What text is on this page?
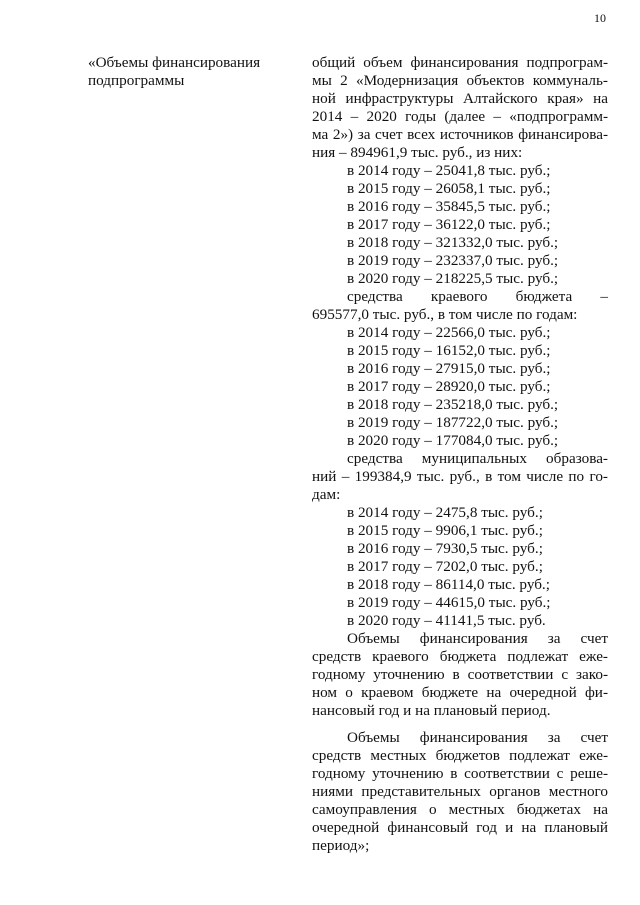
10
«Объемы финансирования
подпрограммы
общий объем финансирования подпрограм-
мы 2 «Модернизация объектов коммуналь-
ной инфраструктуры Алтайского края» на
2014 – 2020 годы (далее – «подпрограмм-
ма 2») за счет всех источников финансирова-
ния – 894961,9 тыс. руб., из них:
в 2014 году – 25041,8 тыс. руб.;
в 2015 году – 26058,1 тыс. руб.;
в 2016 году – 35845,5 тыс. руб.;
в 2017 году – 36122,0 тыс. руб.;
в 2018 году – 321332,0 тыс. руб.;
в 2019 году – 232337,0 тыс. руб.;
в 2020 году – 218225,5 тыс. руб.;
средства краевого бюджета –
695577,0 тыс. руб., в том числе по годам:
в 2014 году – 22566,0 тыс. руб.;
в 2015 году – 16152,0 тыс. руб.;
в 2016 году – 27915,0 тыс. руб.;
в 2017 году – 28920,0 тыс. руб.;
в 2018 году – 235218,0 тыс. руб.;
в 2019 году – 187722,0 тыс. руб.;
в 2020 году – 177084,0 тыс. руб.;
средства муниципальных образова-
ний – 199384,9 тыс. руб., в том числе по го-
дам:
в 2014 году – 2475,8 тыс. руб.;
в 2015 году – 9906,1 тыс. руб.;
в 2016 году – 7930,5 тыс. руб.;
в 2017 году – 7202,0 тыс. руб.;
в 2018 году – 86114,0 тыс. руб.;
в 2019 году – 44615,0 тыс. руб.;
в 2020 году – 41141,5 тыс. руб.
Объемы финансирования за счет
средств краевого бюджета подлежат еже-
годному уточнению в соответствии с зако-
ном о краевом бюджете на очередной фи-
нансовый год и на плановый период.
Объемы финансирования за счет
средств местных бюджетов подлежат еже-
годному уточнению в соответствии с реше-
ниями представительных органов местного
самоуправления о местных бюджетах на
очередной финансовый год и на плановый
период»;
